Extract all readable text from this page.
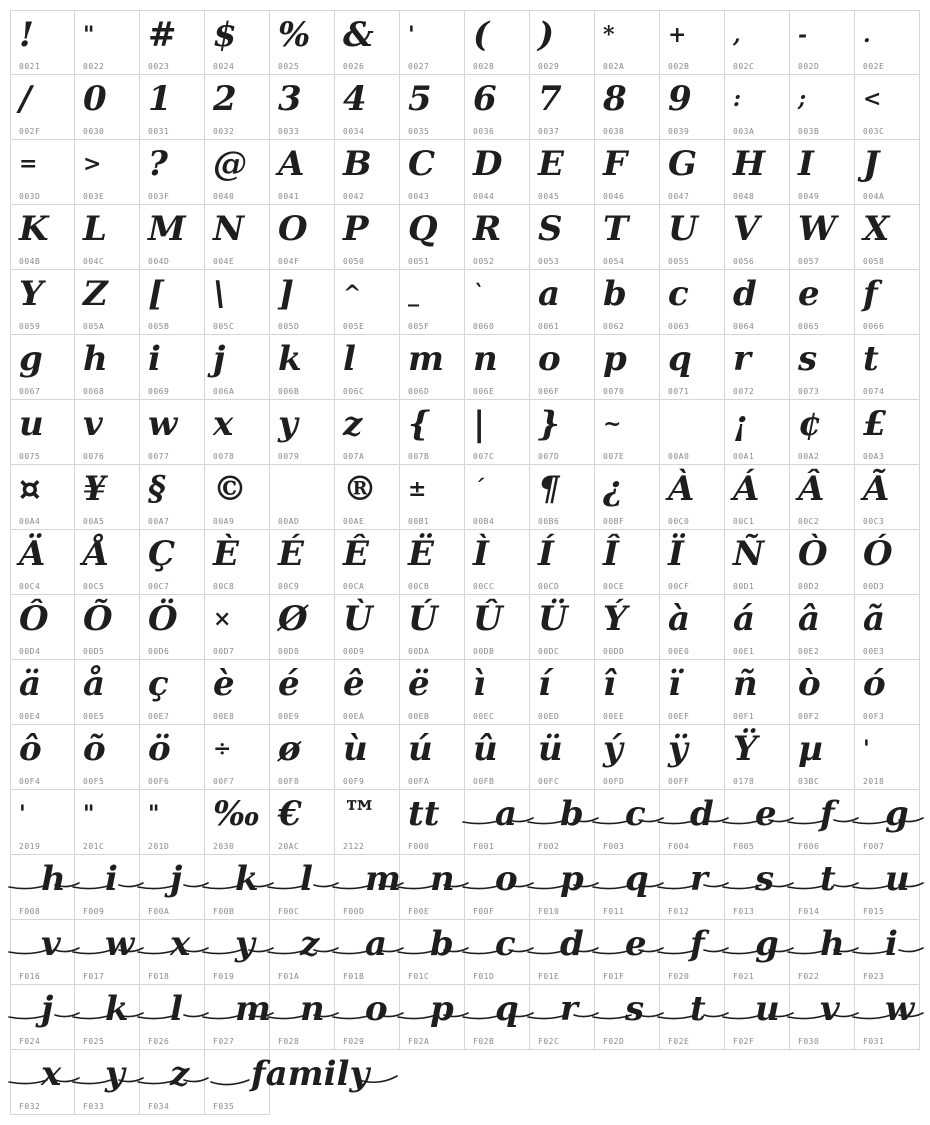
!
0021
"
0022
#
0023
$
0024
%
0025
&
0026
'
0027
(
0028
)
0029
*
002A
+
002B
,
002C
-
002D
.
002E
/
002F
0
0030
1
0031
2
0032
3
0033
4
0034
5
0035
6
0036
7
0037
8
0038
9
0039
:
003A
;
003B
<
003C
=
003D
>
003E
?
003F
@
0040
A
0041
B
0042
C
0043
D
0044
E
0045
F
0046
G
0047
H
0048
I
0049
J
004A
K
004B
L
004C
M
004D
N
004E
O
004F
P
0050
Q
0051
R
0052
S
0053
T
0054
U
0055
V
0056
W
0057
X
0058
Y
0059
Z
005A
[
005B
\
005C
]
005D
^
005E
_
005F
`
0060
a
0061
b
0062
c
0063
d
0064
e
0065
f
0066
g
0067
h
0068
i
0069
j
006A
k
006B
l
006C
m
006D
n
006E
o
006F
p
0070
q
0071
r
0072
s
0073
t
0074
u
0075
v
0076
w
0077
x
0078
y
0079
z
007A
{
007B
|
007C
}
007D
~
007E	00A0
¡
00A1
¢
00A2
£
00A3
¤
00A4
¥
00A5
§
00A7
©
00A9	00AD
®
00AE
±
00B1
´
00B4
¶
00B6
¿
00BF
À
00C0
Á
00C1
Â
00C2
Ã
00C3
Ä
00C4
Å
00C5
Ç
00C7
È
00C8
É
00C9
Ê
00CA
Ë
00CB
Ì
00CC
Í
00CD
Î
00CE
Ï
00CF
Ñ
00D1
Ò
00D2
Ó
00D3
Ô
00D4
Õ
00D5
Ö
00D6
×
00D7
Ø
00D8
Ù
00D9
Ú
00DA
Û
00DB
Ü
00DC
Ý
00DD
à
00E0
á
00E1
â
00E2
ã
00E3
ä
00E4
å
00E5
ç
00E7
è
00E8
é
00E9
ê
00EA
ë
00EB
ì
00EC
í
00ED
î
00EE
ï
00EF
ñ
00F1
ò
00F2
ó
00F3
ô
00F4
õ
00F5
ö
00F6
÷
00F7
ø
00F8
ù
00F9
ú
00FA
û
00FB
ü
00FC
ý
00FD
ÿ
00FF
Ÿ
0178
µ
03BC
'
2018
'
2019
"
201C
"
201D
‰
2030
€
20AC
™
2122
tt
F000
a
F001
b
F002
c
F003
d
F004
e
F005
f
F006
g
F007
h
F008
i
F009
j
F00A
k
F00B
l
F00C
m
F00D
n
F00E
o
F00F
p
F010
q
F011
r
F012
s
F013
t
F014
u
F015
v
F016
w
F017
x
F018
y
F019
z
F01A
a
F01B
b
F01C
c
F01D
d
F01E
e
F01F
f
F020
g
F021
h
F022
i
F023
j
F024
k
F025
l
F026
m
F027
n
F028
o
F029
p
F02A
q
F02B
r
F02C
s
F02D
t
F02E
u
F02F
v
F030
w
F031
x
F032
y
F033
z
F034
family
F035
